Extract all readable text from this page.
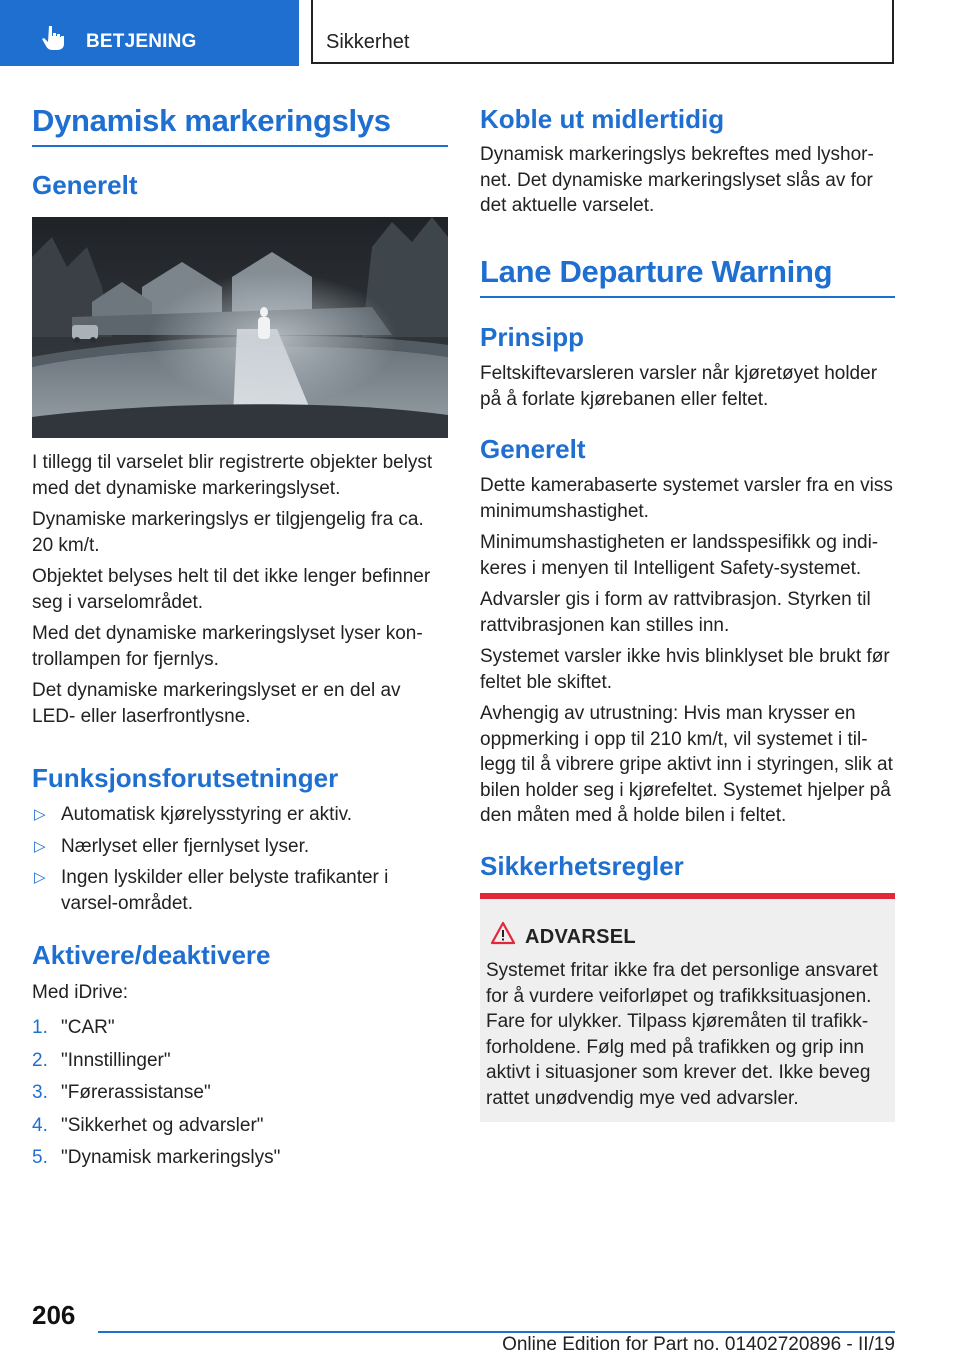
BETJENING	Sikkerhet
Dynamisk markeringslys
Generelt

I tillegg til varselet blir registrerte objekter belyst med det dynamiske markeringslyset.

Dynamiske markeringslys er tilgjengelig fra ca. 20 km/t.

Objektet belyses helt til det ikke lenger befinner seg i varselområdet.

Med det dynamiske markeringslyset lyser kon‐trollampen for fjernlys.

Det dynamiske markeringslyset er en del av LED- eller laserfrontlysne.

Funksjonsforutsetninger
▷ Automatisk kjørelysstyring er aktiv.
▷ Nærlyset eller fjernlyset lyser.
▷ Ingen lyskilder eller belyste trafikanter i varsel‐området.
Aktivere/deaktivere

Med iDrive:

1. "CAR"
2. "Innstillinger"
3. "Førerassistanse"
4. "Sikkerhet og advarsler"
5. "Dynamisk markeringslys"
Koble ut midlertidig

Dynamisk markeringslys bekreftes med lyshor‐net. Det dynamiske markeringslyset slås av for det aktuelle varselet.

Lane Departure Warning
Prinsipp

Feltskiftevarsleren varsler når kjøretøyet holder på å forlate kjørebanen eller feltet.

Generelt

Dette kamerabaserte systemet varsler fra en viss minimumshastighet.

Minimumshastigheten er landsspesifikk og indi‐keres i menyen til Intelligent Safety-systemet.

Advarsler gis i form av rattvibrasjon. Styrken til rattvibrasjonen kan stilles inn.

Systemet varsler ikke hvis blinklyset ble brukt før feltet ble skiftet.

Avhengig av utrustning: Hvis man krysser en oppmerking i opp til 210 km/t, vil systemet i til‐legg til å vibrere gripe aktivt inn i styringen, slik at bilen holder seg i kjørefeltet. Systemet hjelper på den måten med å holde bilen i feltet.

Sikkerhetsregler
ADVARSEL

Systemet fritar ikke fra det personlige ansvaret for å vurdere veiforløpet og trafikksituasjonen. Fare for ulykker. Tilpass kjøremåten til trafikk‐forholdene. Følg med på trafikken og grip inn aktivt i situasjoner som krever det. Ikke beveg rattet unødvendig mye ved advarsler.

206
Online Edition for Part no. 01402720896 - II/19
